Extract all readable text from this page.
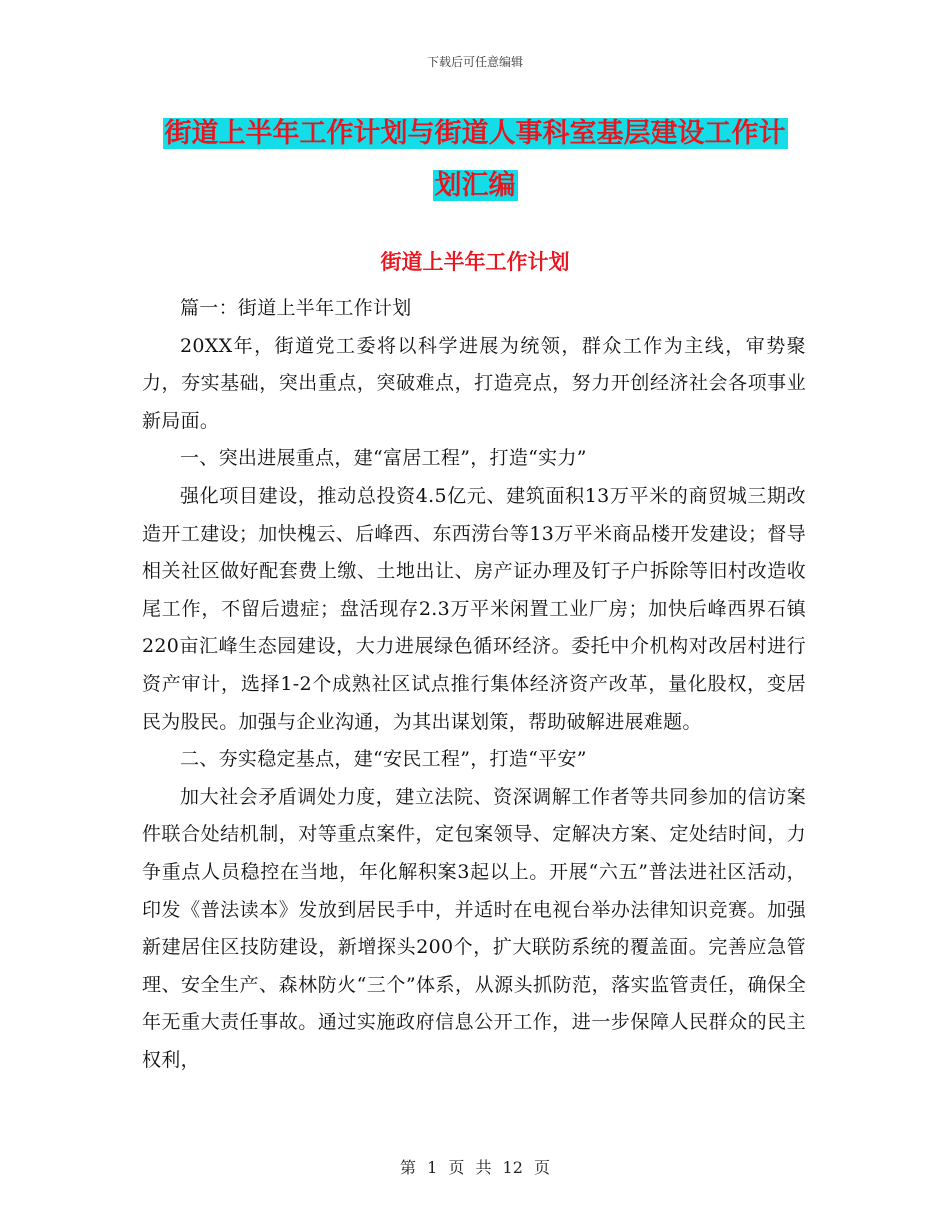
下载后可任意编辑
街道上半年工作计划与街道人事科室基层建设工作计
划汇编
街道上半年工作计划

篇一：街道上半年工作计划

20XX年，街道党工委将以科学进展为统领，群众工作为主线，审势聚力，夯实基础，突出重点，突破难点，打造亮点，努力开创经济社会各项事业新局面。

一、突出进展重点，建“富居工程”，打造“实力”

强化项目建设，推动总投资4.5亿元、建筑面积13万平米的商贸城三期改造开工建设；加快槐云、后峰西、东西涝台等13万平米商品楼开发建设；督导相关社区做好配套费上缴、土地出让、房产证办理及钉子户拆除等旧村改造收尾工作，不留后遗症；盘活现存2.3万平米闲置工业厂房；加快后峰西界石镇220亩汇峰生态园建设，大力进展绿色循环经济。委托中介机构对改居村进行资产审计，选择1-2个成熟社区试点推行集体经济资产改革，量化股权，变居民为股民。加强与企业沟通，为其出谋划策，帮助破解进展难题。

二、夯实稳定基点，建“安民工程”，打造“平安”

加大社会矛盾调处力度，建立法院、资深调解工作者等共同参加的信访案件联合处结机制，对等重点案件，定包案领导、定解决方案、定处结时间，力争重点人员稳控在当地，年化解积案3起以上。开展“六五”普法进社区活动，印发《普法读本》发放到居民手中，并适时在电视台举办法律知识竞赛。加强新建居住区技防建设，新增探头200个，扩大联防系统的覆盖面。完善应急管理、安全生产、森林防火“三个”体系，从源头抓防范，落实监管责任，确保全年无重大责任事故。通过实施政府信息公开工作，进一步保障人民群众的民主权利，

第 1 页 共 12 页
